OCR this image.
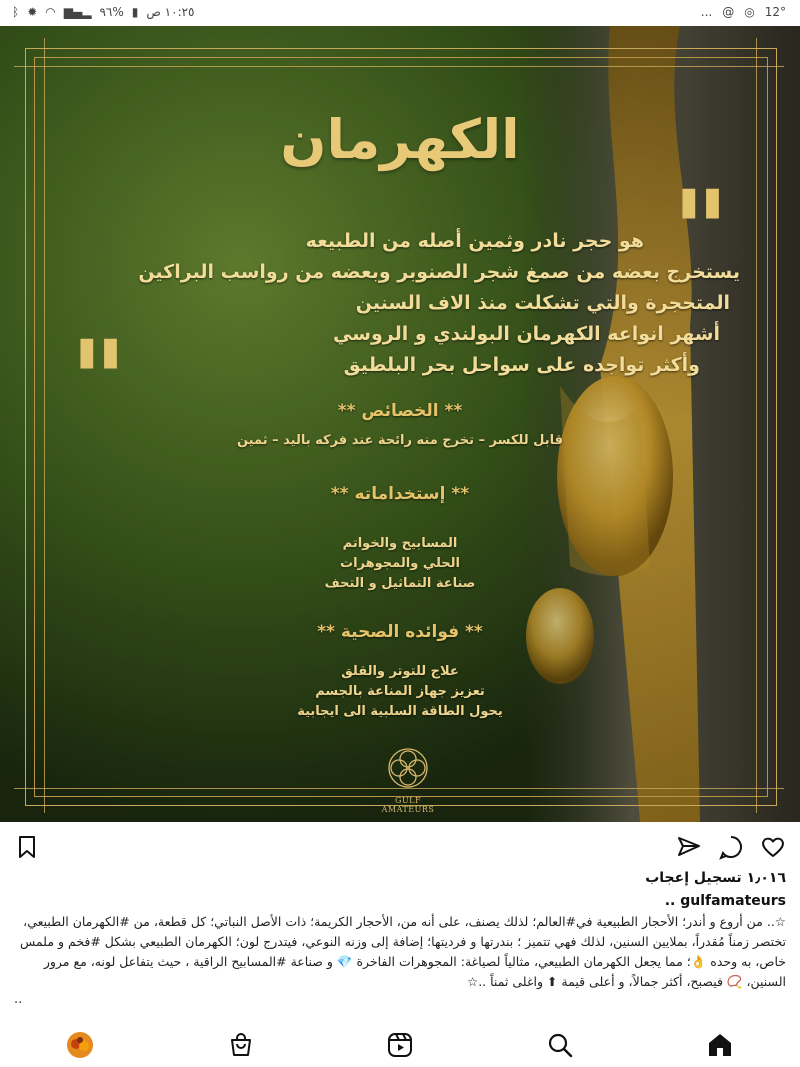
١٠:٢٥ ص
▮
%٩٦
▂▄▆
◠
✹
ᛒ	... @ ◎ 12°
الكهرمان
"
"
هو حجر نادر وثمين أصله من الطبيعه
يستخرج بعضه من صمغ شجر الصنوبر وبعضه من رواسب البراكين
المتحجرة والتي تشكلت منذ الاف السنين
أشهر انواعه الكهرمان البولندي و الروسي
وأكثر تواجده على سواحل بحر البلطيق
** الخصائص **
قابل للكسر – تخرج منه رائحة عند فركه باليد – ثمين
** إستخداماته **
المسابيح والخواتم
الحلي والمجوهرات
صناعة التماثيل و التحف
** فوائده الصحية **
علاج للتوتر والقلق
تعزيز جهاز المناعة بالجسم
يحول الطاقة السلبية الى ايجابية
GULF AMATEURS
١٫٠١٦ تسجيل إعجاب
gulfamateurs ..
☆.. من أروع و أندر؛ الأحجار الطبيعية في#العالم؛ لذلك يصنف، على أنه من، الأحجار الكريمة؛ ذات الأصل النباتي؛ كل قطعة، من #الكهرمان الطبيعي،
تختصر زمناً مُقدراً، بملايين السنين، لذلك فهي تتميز ؛ بندرتها و فرديتها؛ إضافة إلى وزنه النوعي، فيتدرج لون؛ الكهرمان الطبيعي بشكل #فخم و ملمس
خاص، به وحده 👌؛ مما يجعل الكهرمان الطبيعي، مثالياً لصياغة: المجوهرات الفاخرة 💎 و صناعة #المسابيح الراقية ، حيث يتفاعل لونه، مع مرور
السنين، 📿 فيصبح، أكثر جمالاً، و أعلى قيمة ⬆ واغلى ثمناً ..☆
..
